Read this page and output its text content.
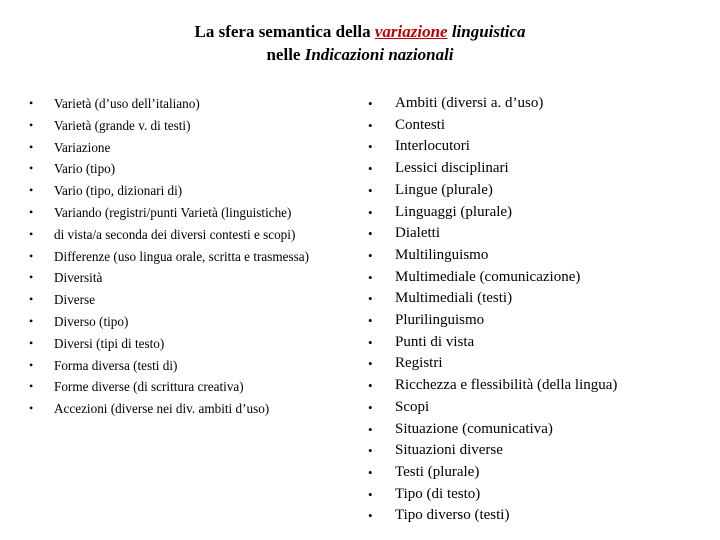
La sfera semantica della variazione linguistica
nelle Indicazioni nazionali
• Varietà (d’uso dell’italiano)
• Varietà (grande v. di testi)
• Variazione
• Vario (tipo)
• Vario (tipo, dizionari di)
• Variando (registri/punti Varietà (linguistiche)
• di vista/a seconda dei diversi contesti e scopi)
• Differenze (uso lingua orale, scritta e trasmessa)
• Diversità
• Diverse
• Diverso (tipo)
• Diversi (tipi di testo)
• Forma diversa (testi di)
• Forme diverse (di scrittura creativa)
• Accezioni (diverse nei div. ambiti d’uso)
• Ambiti (diversi a. d’uso)
• Contesti
• Interlocutori
• Lessici disciplinari
• Lingue (plurale)
• Linguaggi (plurale)
• Dialetti
• Multilinguismo
• Multimediale (comunicazione)
• Multimediali (testi)
• Plurilinguismo
• Punti di vista
• Registri
• Ricchezza e flessibilità (della lingua)
• Scopi
• Situazione (comunicativa)
• Situazioni diverse
• Testi (plurale)
• Tipo (di testo)
• Tipo diverso (testi)
